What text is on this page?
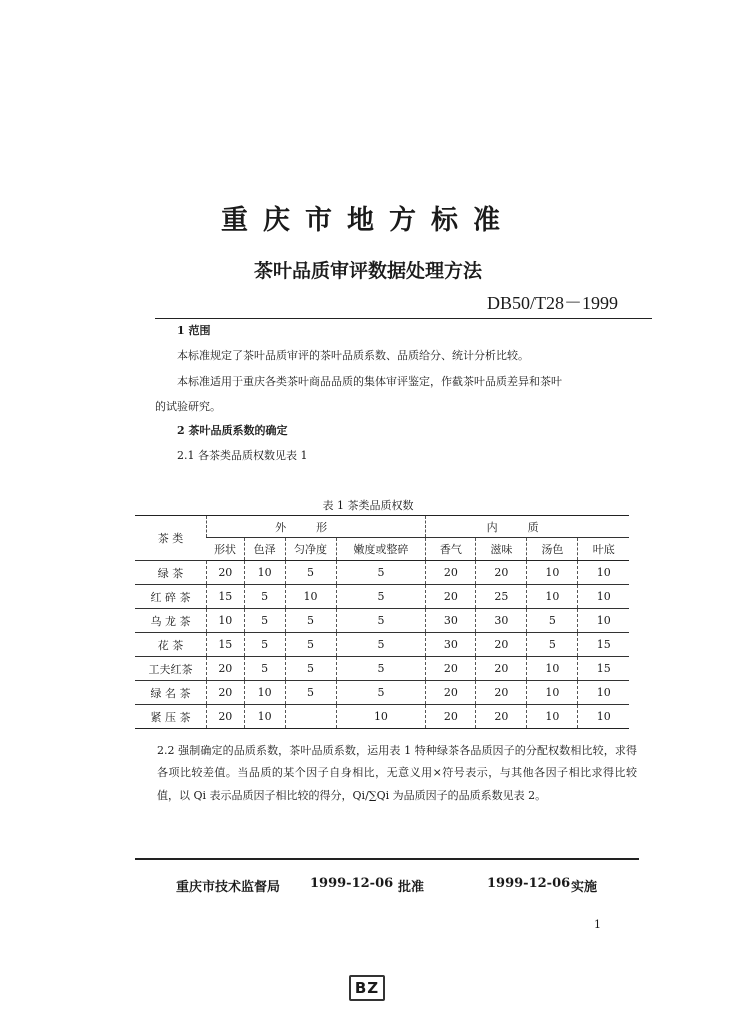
重庆市地方标准
茶叶品质审评数据处理方法
DB50/T28－1999
1 范围
本标准规定了茶叶品质审评的茶叶品质系数、品质给分、统计分析比较。
本标准适用于重庆各类茶叶商品品质的集体审评鉴定，作截茶叶品质差异和茶叶
的试验研究。
2 茶叶品质系数的确定
2.1 各茶类品质权数见表 1
表 1 茶类品质权数
茶 类	外形				内质			
	形状	色泽	匀净度	嫩度或整碎	香气	滋味	汤色	叶底
绿 茶	20	10	5	5	20	20	10	10
红 碎 茶	15	5	10	5	20	25	10	10
乌 龙 茶	10	5	5	5	30	30	5	10
花 茶	15	5	5	5	30	20	5	15
工夫红茶	20	5	5	5	20	20	10	15
绿 名 茶	20	10	5	5	20	20	10	10
紧 压 茶	20	10		10	20	20	10	10
2.2 强制确定的品质系数，茶叶品质系数，运用表 1 特种绿茶各品质因子的分配权数相比较，求得各项比较差值。当品质的某个因子自身相比，无意义用×符号表示，与其他各因子相比求得比较值，以 Qi 表示品质因子相比较的得分，Qi/∑Qi 为品质因子的品质系数见表 2。
重庆市技术监督局 1999-12-06 批准	1999-12-06 实施
1
BZ
